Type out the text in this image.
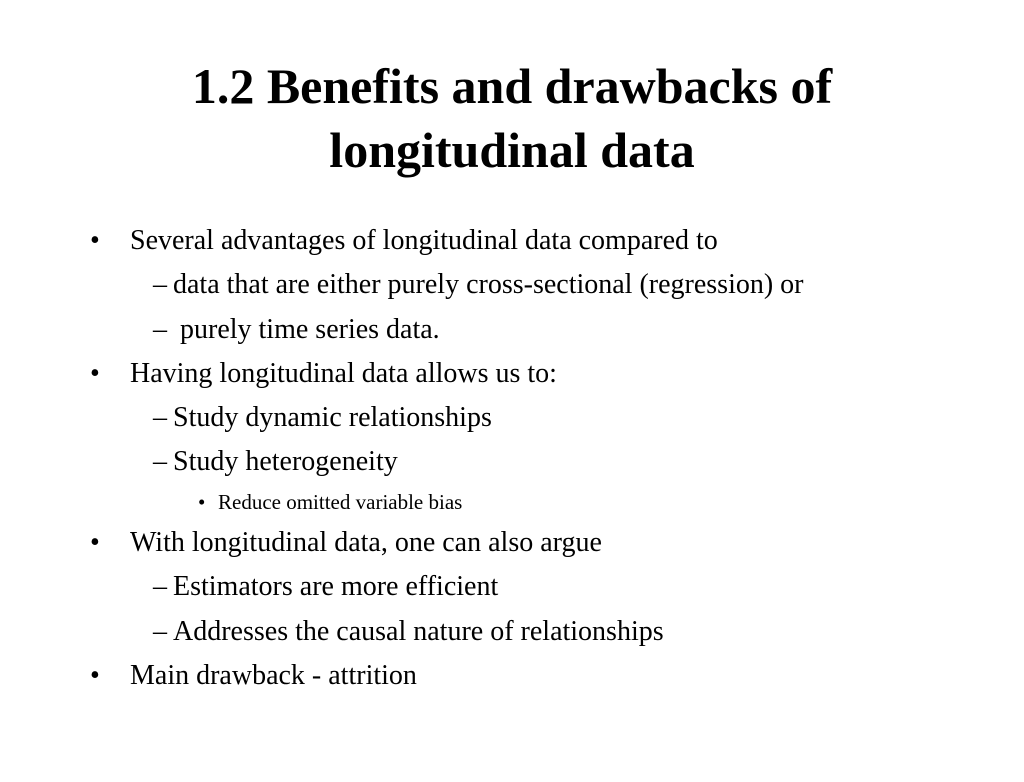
1.2 Benefits and drawbacks of
longitudinal data
• Several advantages of longitudinal data compared to
– data that are either purely cross-sectional (regression) or
– purely time series data.
• Having longitudinal data allows us to:
– Study dynamic relationships
– Study heterogeneity
• Reduce omitted variable bias
• With longitudinal data, one can also argue
– Estimators are more efficient
– Addresses the causal nature of relationships
• Main drawback - attrition
